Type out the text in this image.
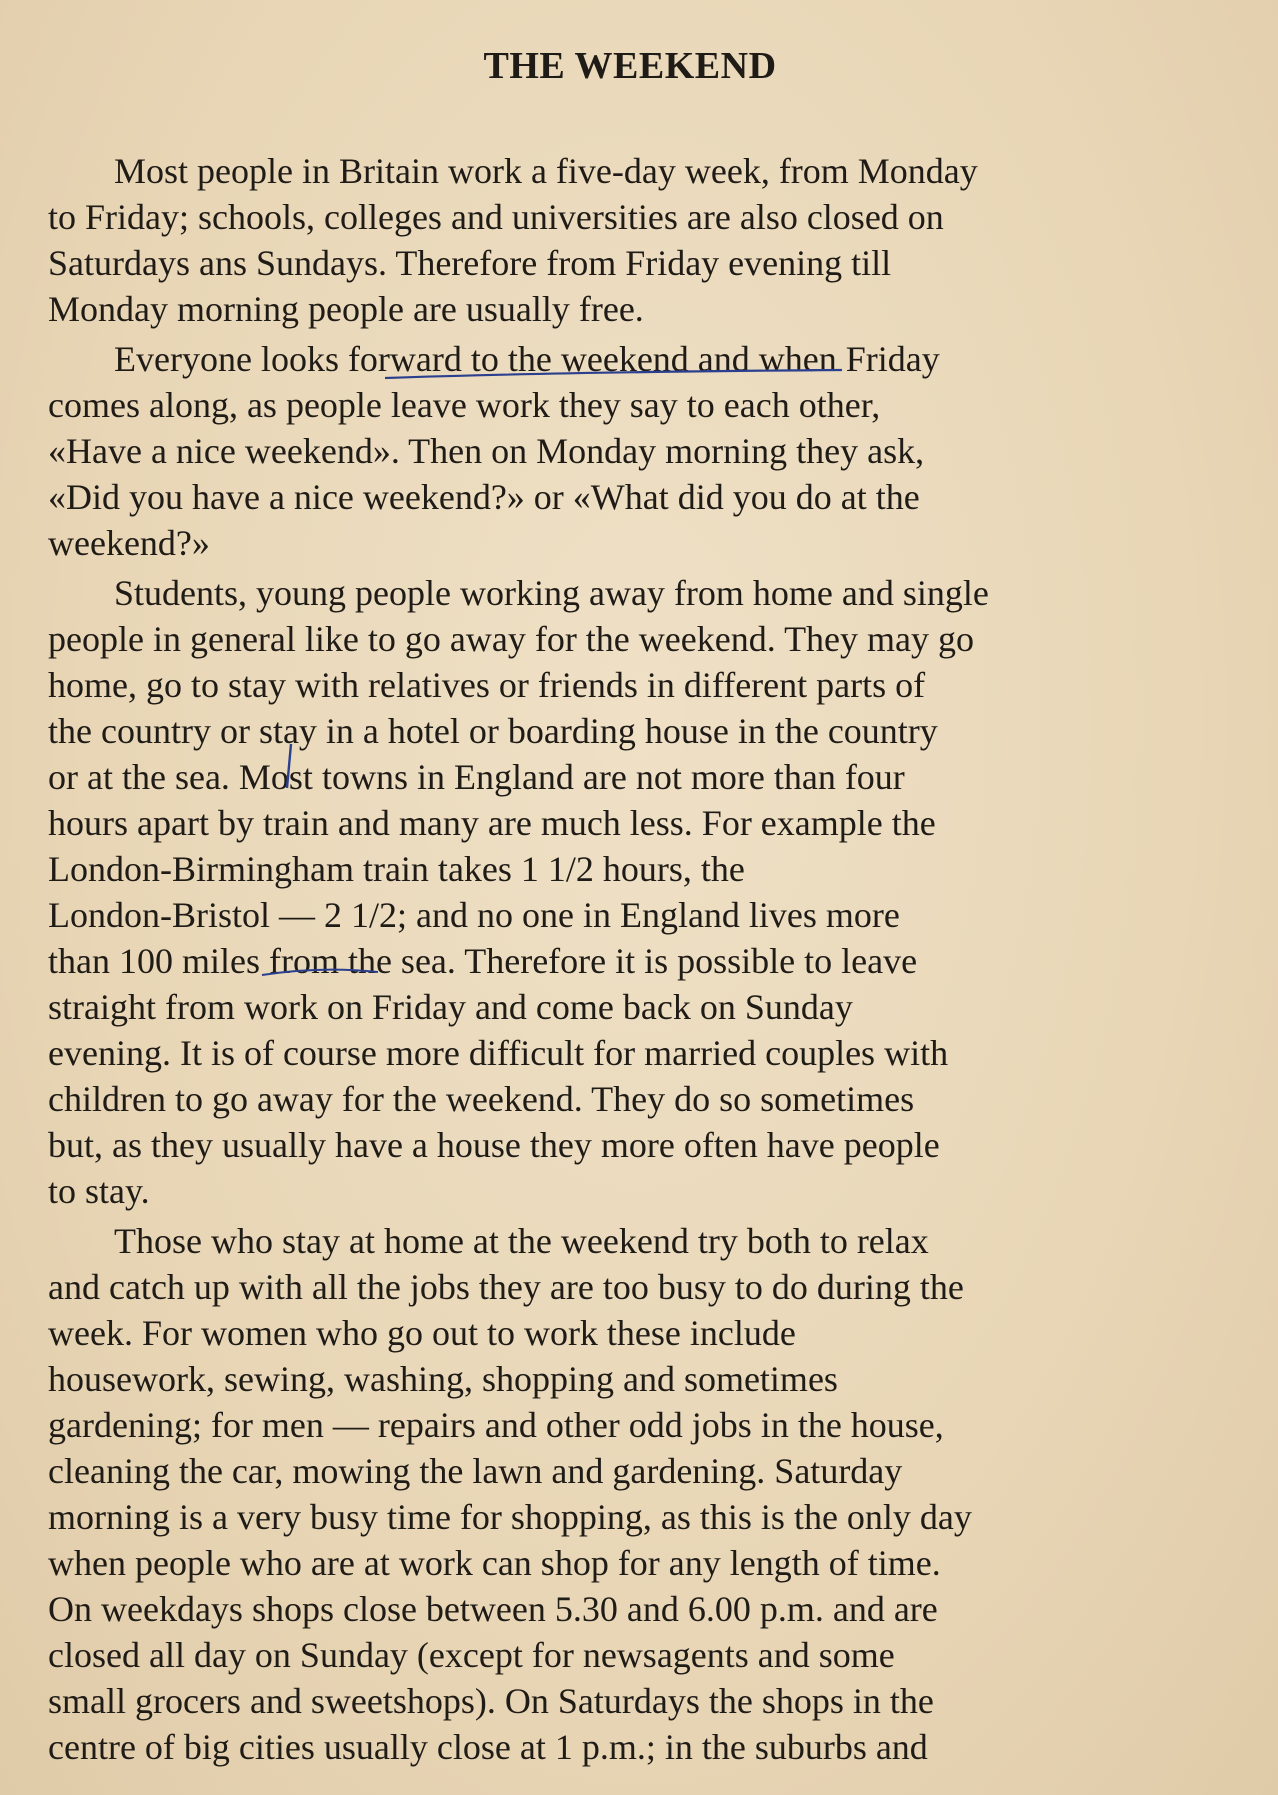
THE WEEKEND
Most people in Britain work a five-day week, from Monday
to Friday; schools, colleges and universities are also closed on
Saturdays ans Sundays. Therefore from Friday evening till
Monday morning people are usually free.
Everyone looks forward to the weekend and when Friday
comes along, as people leave work they say to each other,
«Have a nice weekend». Then on Monday morning they ask,
«Did you have a nice weekend?» or «What did you do at the
weekend?»
Students, young people working away from home and single
people in general like to go away for the weekend. They may go
home, go to stay with relatives or friends in different parts of
the country or stay in a hotel or boarding house in the country
or at the sea. Most towns in England are not more than four
hours apart by train and many are much less. For example the
London-Birmingham train takes 1 1/2 hours, the
London-Bristol — 2 1/2; and no one in England lives more
than 100 miles from the sea. Therefore it is possible to leave
straight from work on Friday and come back on Sunday
evening. It is of course more difficult for married couples with
children to go away for the weekend. They do so sometimes
but, as they usually have a house they more often have people
to stay.
Those who stay at home at the weekend try both to relax
and catch up with all the jobs they are too busy to do during the
week. For women who go out to work these include
housework, sewing, washing, shopping and sometimes
gardening; for men — repairs and other odd jobs in the house,
cleaning the car, mowing the lawn and gardening. Saturday
morning is a very busy time for shopping, as this is the only day
when people who are at work can shop for any length of time.
On weekdays shops close between 5.30 and 6.00 p.m. and are
closed all day on Sunday (except for newsagents and some
small grocers and sweetshops). On Saturdays the shops in the
centre of big cities usually close at 1 p.m.; in the suburbs and
